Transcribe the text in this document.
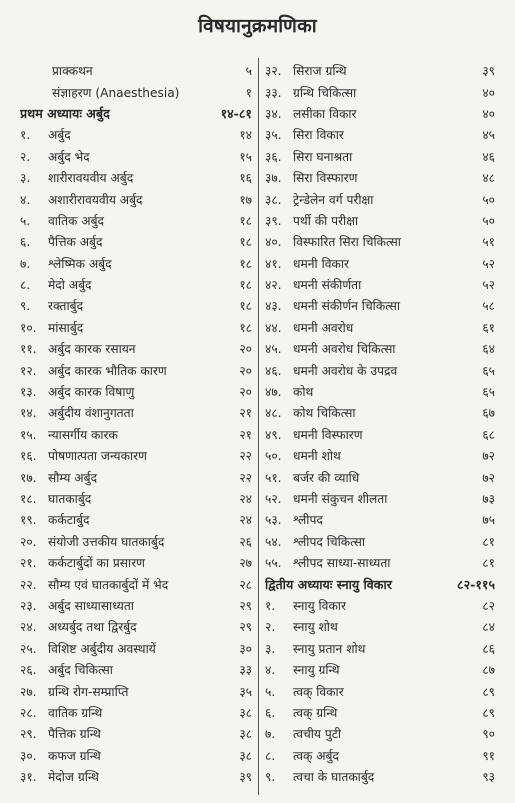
विषयानुक्रमणिका
प्राक्कथन	५
संज्ञाहरण (Anaesthesia)	१
प्रथम अध्यायः अर्बुद	१४-८१
१.	अर्बुद	१४
२.	अर्बुद भेद	१५
३.	शारीरावयवीय अर्बुद	१६
४.	अशारीरावयवीय अर्बुद	१७
५.	वातिक अर्बुद	१८
६.	पैत्तिक अर्बुद	१८
७.	श्लेष्मिक अर्बुद	१८
८.	मेदो अर्बुद	१८
९.	रक्तार्बुद	१८
१०. मांसार्बुद	१८
११. अर्बुद कारक रसायन	२०
१२. अर्बुद कारक भौतिक कारण	२०
१३. अर्बुद कारक विषाणु	२०
१४. अर्बुदीय वंशानुगतता	२१
१५. न्यासर्गीय कारक	२१
१६. पोषणात्पता जन्यकारण	२२
१७. सौम्य अर्बुद	२२
१८. घातकार्बुद	२४
१९. कर्कटार्बुद	२४
२०. संयोजी उत्तकीय घातकार्बुद	२६
२१. कर्कटार्बुदों का प्रसारण	२७
२२. सौम्य एवं घातकार्बुदों में भेद	२८
२३. अर्बुद साध्यासाध्यता	२९
२४. अध्यर्बुद तथा द्विरर्बुद	२९
२५. विशिष्ट अर्बुदीय अवस्थायें	३०
२६. अर्बुद चिकित्सा	३३
२७. ग्रन्थि रोग-सम्प्राप्ति	३५
२८. वातिक ग्रन्थि	३८
२९. पैत्तिक ग्रन्थि	३८
३०. कफज ग्रन्थि	३८
३१. मेदोज ग्रन्थि	३९
३२. सिराज ग्रन्थि	३९
३३. ग्रन्थि चिकित्सा	४०
३४. लसीका विकार	४०
३५. सिरा विकार	४५
३६. सिरा घनाश्रता	४६
३७. सिरा विस्फारण	४८
३८. ट्रेन्डेलेन वर्ग परीक्षा	५०
३९. पर्थी की परीक्षा	५०
४०. विस्फारित सिरा चिकित्सा	५१
४१. धमनी विकार	५२
४२. धमनी संकीर्णता	५२
४३. धमनी संकीर्णन चिकित्सा	५८
४४. धमनी अवरोध	६१
४५. धमनी अवरोध चिकित्सा	६४
४६. धमनी अवरोध के उपद्रव	६५
४७. कोथ	६५
४८. कोथ चिकित्सा	६७
४९. धमनी विस्फारण	६८
५०. धमनी शोथ	७२
५१. बर्जर की व्याधि	७२
५२. धमनी संकुचन शीलता	७३
५३. श्लीपद	७५
५४. श्लीपद चिकित्सा	८१
५५. श्लीपद साध्या-साध्यता	८१
द्वितीय अध्यायः स्नायु विकार	८२-११५
१.	स्नायु विकार	८२
२.	स्नायु शोथ	८४
३.	स्नायु प्रतान शोथ	८६
४.	स्नायु ग्रन्थि	८७
५.	त्वक् विकार	८९
६.	त्वक् ग्रन्थि	८९
७.	त्वचीय पुटी	९०
८.	त्वक् अर्बुद	९१
९.	त्वचा के घातकार्बुद	९३
